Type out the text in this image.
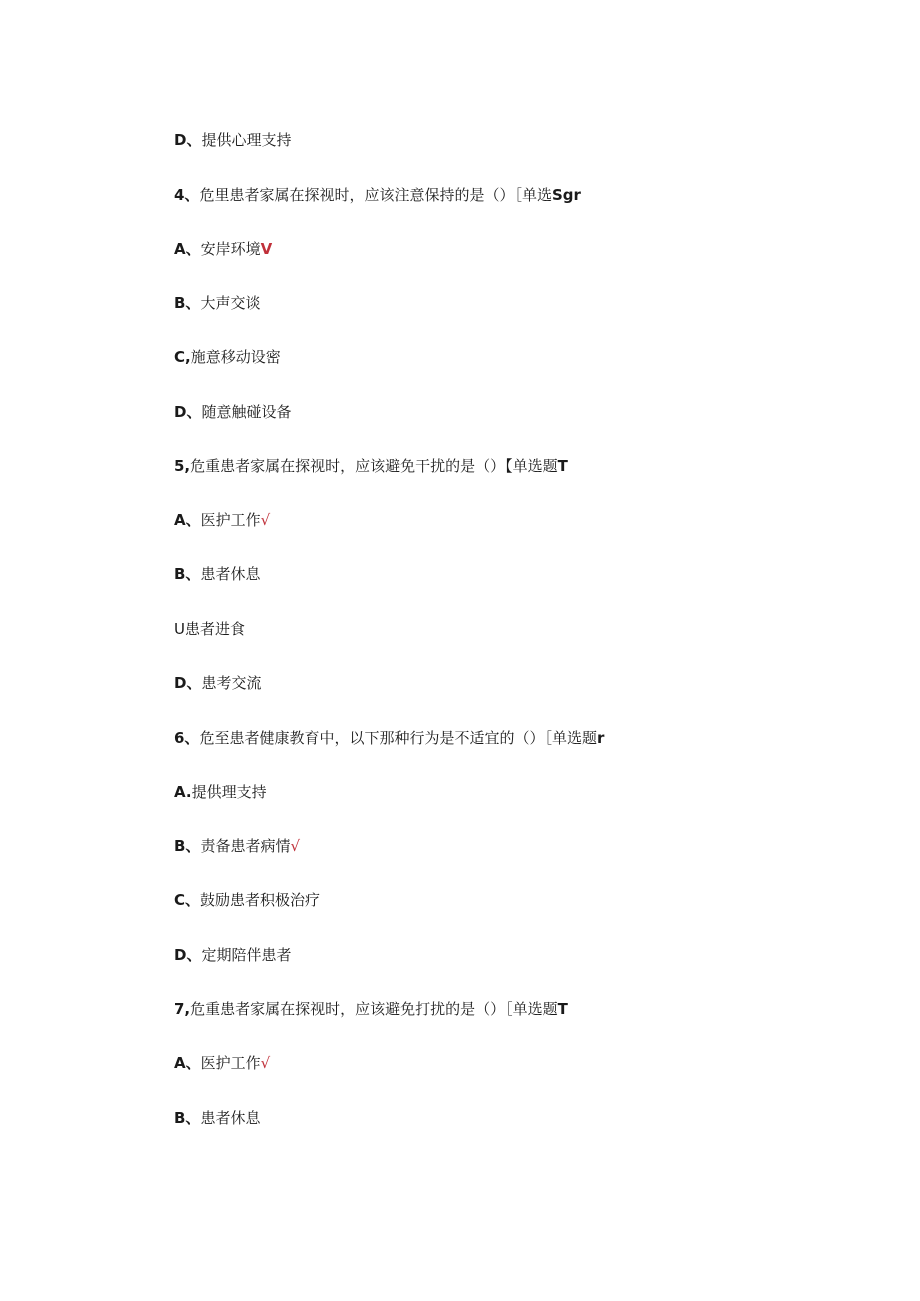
D、提供心理支持
4、危里患者家属在探视时，应该注意保持的是（）［单选Sgr
A、安岸环境V
B、大声交谈
C,施意移动设密
D、随意触碰设备
5,危重患者家属在探视时，应该避免干扰的是（）【单选题T
A、医护工作√
B、患者休息
U患者进食
D、患考交流
6、危至患者健康教育中，以下那种行为是不适宜的（）［单选题r
A.提供理支持
B、责备患者病情√
C、鼓励患者积极治疗
D、定期陪伴患者
7,危重患者家属在探视时，应该避免打扰的是（）［单选题T
A、医护工作√
B、患者休息
